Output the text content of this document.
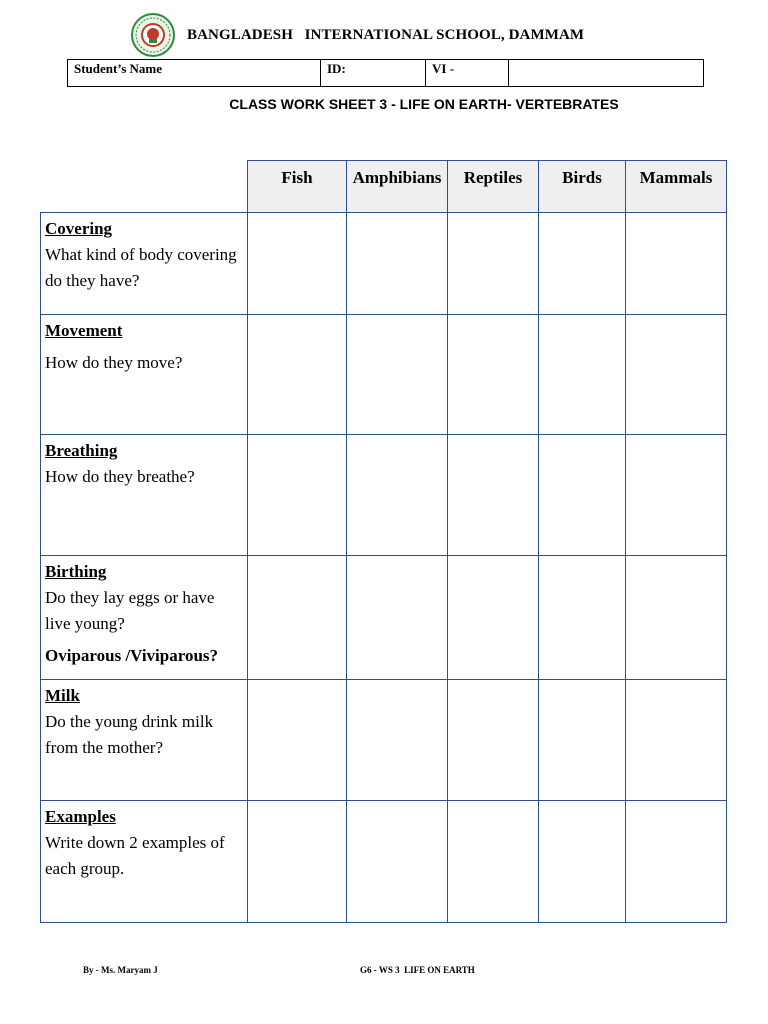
BANGLADESH   INTERNATIONAL SCHOOL, DAMMAM
Student’s Name	ID:	VI -	
CLASS WORK SHEET 3 - LIFE ON EARTH- VERTEBRATES
	Fish	Amphibians	Reptiles	Birds	Mammals

Covering
What kind of body covering do they have?					

Movement
How do they move?					

Breathing
How do they breathe?					

Birthing
Do they lay eggs or have live young?
Oviparous /Viviparous?					

Milk
Do the young drink milk from the mother?					

Examples
Write down 2 examples of each group.					
By - Ms. Maryam J	G6 - WS 3  LIFE ON EARTH
